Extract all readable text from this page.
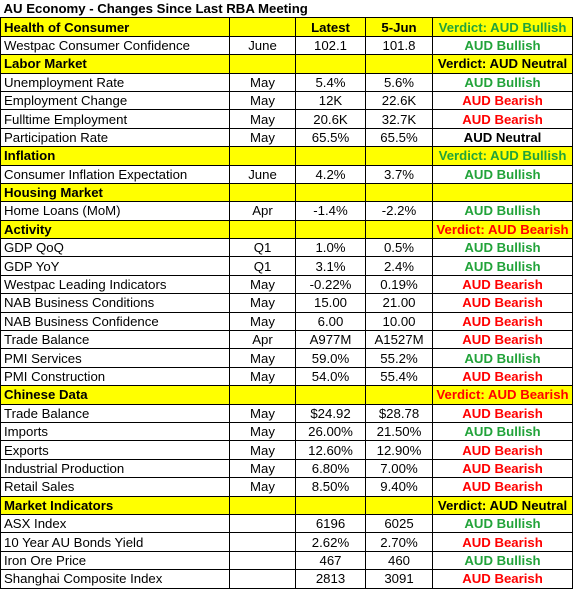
AU Economy - Changes Since Last RBA Meeting				
Health of Consumer		Latest	5-Jun	Verdict: AUD Bullish
Westpac Consumer Confidence	June	102.1	101.8	AUD Bullish
Labor Market				Verdict: AUD Neutral
Unemployment Rate	May	5.4%	5.6%	AUD Bullish
Employment Change	May	12K	22.6K	AUD Bearish
Fulltime Employment	May	20.6K	32.7K	AUD Bearish
Participation Rate	May	65.5%	65.5%	AUD Neutral
Inflation				Verdict: AUD Bullish
Consumer Inflation Expectation	June	4.2%	3.7%	AUD Bullish
Housing Market				
Home Loans (MoM)	Apr	-1.4%	-2.2%	AUD Bullish
Activity				Verdict: AUD Bearish
GDP QoQ	Q1	1.0%	0.5%	AUD Bullish
GDP YoY	Q1	3.1%	2.4%	AUD Bullish
Westpac Leading Indicators	May	-0.22%	0.19%	AUD Bearish
NAB Business Conditions	May	15.00	21.00	AUD Bearish
NAB Business Confidence	May	6.00	10.00	AUD Bearish
Trade Balance	Apr	A977M	A1527M	AUD Bearish
PMI Services	May	59.0%	55.2%	AUD Bullish
PMI Construction	May	54.0%	55.4%	AUD Bearish
Chinese Data				Verdict: AUD Bearish
Trade Balance	May	$24.92	$28.78	AUD Bearish
Imports	May	26.00%	21.50%	AUD Bullish
Exports	May	12.60%	12.90%	AUD Bearish
Industrial Production	May	6.80%	7.00%	AUD Bearish
Retail Sales	May	8.50%	9.40%	AUD Bearish
Market Indicators				Verdict: AUD Neutral
ASX Index		6196	6025	AUD Bullish
10 Year AU Bonds Yield		2.62%	2.70%	AUD Bearish
Iron Ore Price		467	460	AUD Bullish
Shanghai Composite Index		2813	3091	AUD Bearish
